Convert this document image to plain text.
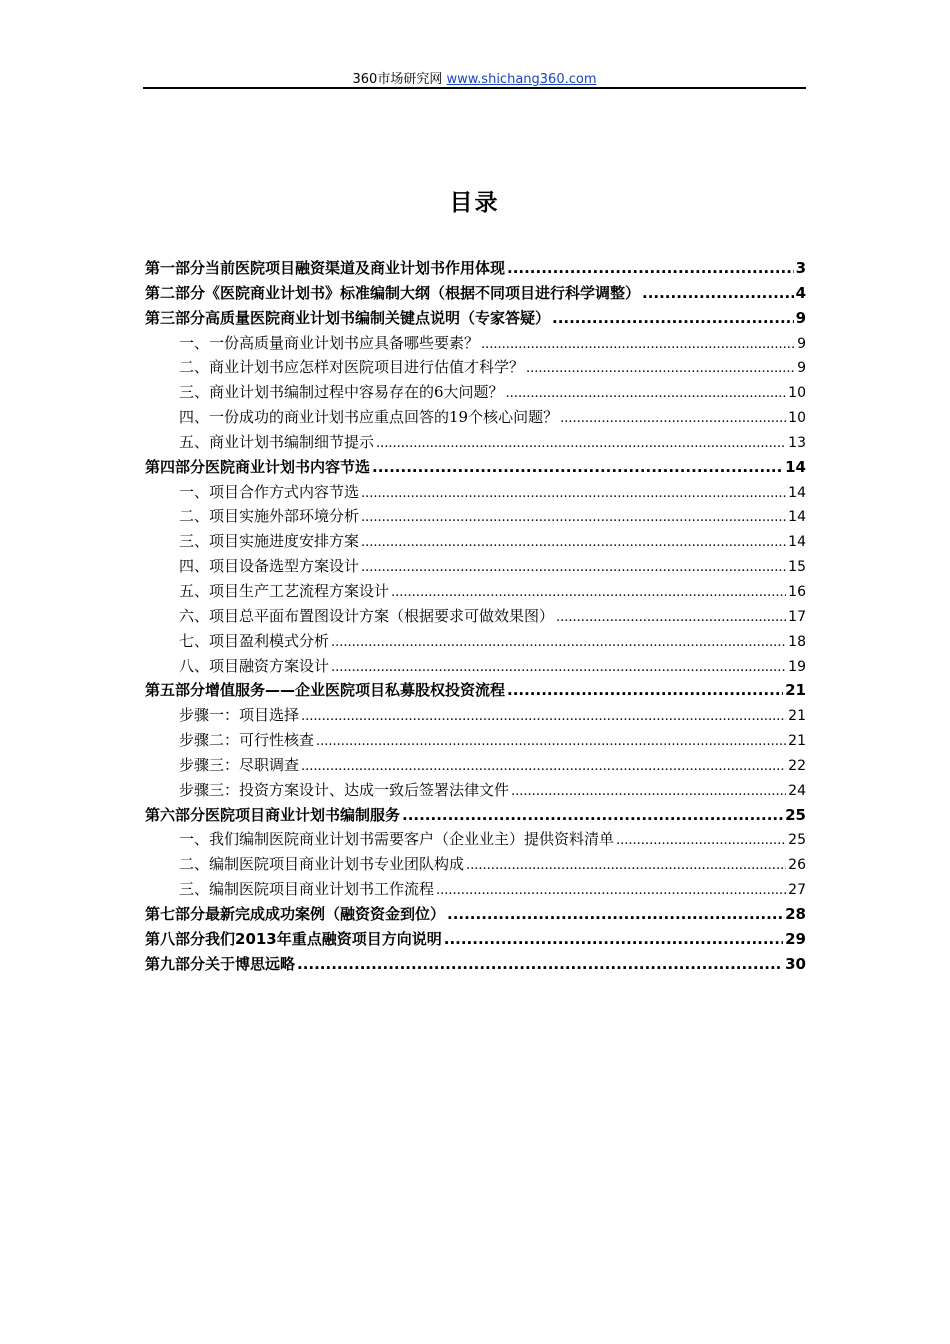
360市场研究网 www.shichang360.com
目录
第一部分当前医院项目融资渠道及商业计划书作用体现 .....	3
第二部分《医院商业计划书》标准编制大纲（根据不同项目进行科学调整） .....	4
第三部分高质量医院商业计划书编制关键点说明（专家答疑） .....	9
一、一份高质量商业计划书应具备哪些要素？ .....	9
二、商业计划书应怎样对医院项目进行估值才科学？ .....	9
三、商业计划书编制过程中容易存在的6大问题？ .....	10
四、一份成功的商业计划书应重点回答的19个核心问题？ .....	10
五、商业计划书编制细节提示 .....	13
第四部分医院商业计划书内容节选 .....	14
一、项目合作方式内容节选 .....	14
二、项目实施外部环境分析 .....	14
三、项目实施进度安排方案 .....	14
四、项目设备选型方案设计 .....	15
五、项目生产工艺流程方案设计 .....	16
六、项目总平面布置图设计方案（根据要求可做效果图） .....	17
七、项目盈利模式分析 .....	18
八、项目融资方案设计 .....	19
第五部分增值服务——企业医院项目私募股权投资流程 .....	21
步骤一：项目选择 .....	21
步骤二：可行性核查 .....	21
步骤三：尽职调查 .....	22
步骤三：投资方案设计、达成一致后签署法律文件 .....	24
第六部分医院项目商业计划书编制服务 .....	25
一、我们编制医院商业计划书需要客户（企业业主）提供资料清单 .....	25
二、编制医院项目商业计划书专业团队构成 .....	26
三、编制医院项目商业计划书工作流程 .....	27
第七部分最新完成成功案例（融资资金到位） .....	28
第八部分我们2013年重点融资项目方向说明 .....	29
第九部分关于博思远略 .....	30
